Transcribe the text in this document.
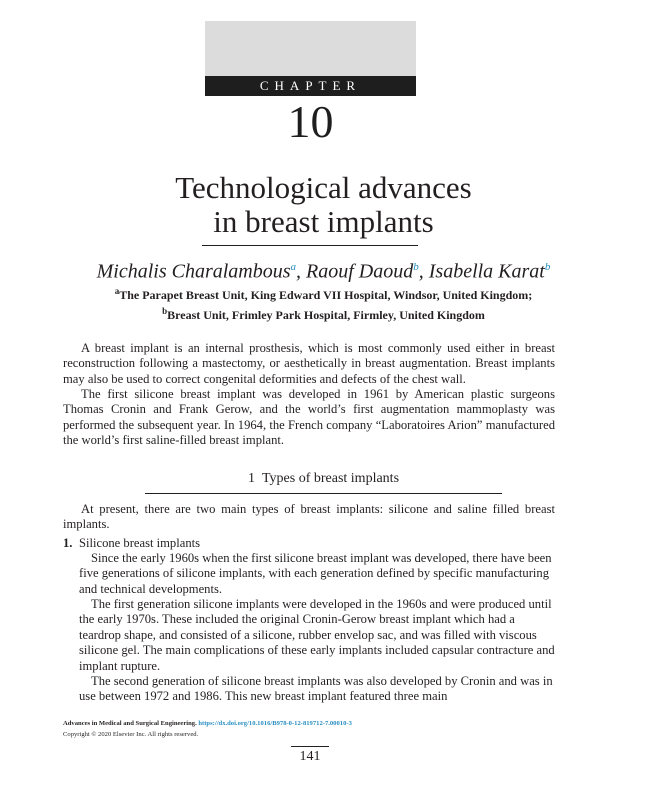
CHAPTER
10
Technological advances
in breast implants
Michalis Charalambous$^a$, Raouf Daoud$^b$, Isabella Karat$^b$
$^a$The Parapet Breast Unit, King Edward VII Hospital, Windsor, United Kingdom;
$^b$Breast Unit, Frimley Park Hospital, Firmley, United Kingdom

A breast implant is an internal prosthesis, which is most commonly used either in breast reconstruction following a mastectomy, or aesthetically in breast augmentation. Breast implants may also be used to correct congenital deformities and defects of the chest wall.

The first silicone breast implant was developed in 1961 by American plastic surgeons Thomas Cronin and Frank Gerow, and the world’s first augmentation mammoplasty was performed the subsequent year. In 1964, the French company “Laboratoires Arion” manufactured the world’s first saline-filled breast implant.

1 Types of breast implants

At present, there are two main types of breast implants: silicone and saline filled breast implants.

1. Silicone breast implants

Since the early 1960s when the first silicone breast implant was developed, there have been five generations of silicone implants, with each generation defined by specific manufacturing and technical developments.

The first generation silicone implants were developed in the 1960s and were produced until the early 1970s. These included the original Cronin-Gerow breast implant which had a teardrop shape, and consisted of a silicone, rubber envelop sac, and was filled with viscous silicone gel. The main complications of these early implants included capsular contracture and implant rupture.

The second generation of silicone breast implants was also developed by Cronin and was in use between 1972 and 1986. This new breast implant featured three main

Advances in Medical and Surgical Engineering. https://dx.doi.org/10.1016/B978-0-12-819712-7.00010-3
Copyright © 2020 Elsevier Inc. All rights reserved.
141
